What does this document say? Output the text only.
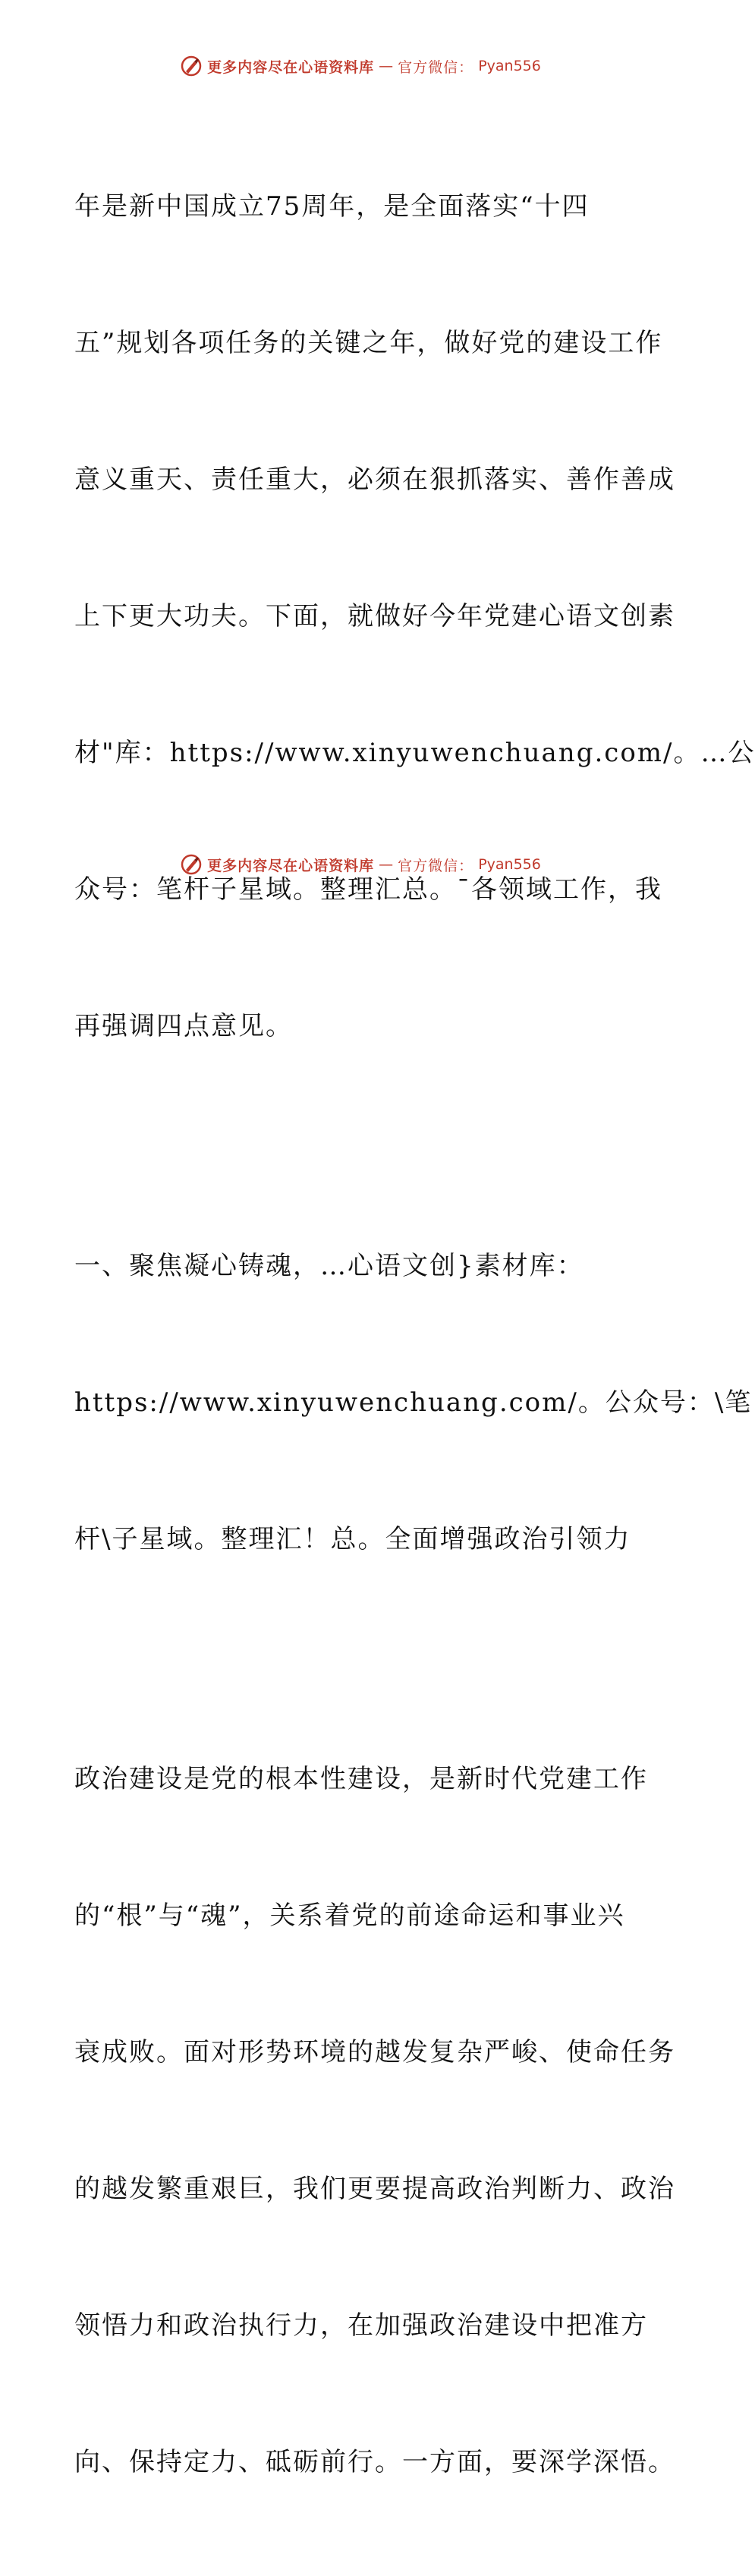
更多内容尽在心语资料库 — 官方微信： Pyan556

年是新中国成立75周年，是全面落实“十四

五”规划各项任务的关键之年，做好党的建设工作

意义重天、责任重大，必须在狠抓落实、善作善成

上下更大功夫。下面，就做好今年党建心语文创素

材"库：https://www.xinyuwenchuang.com/。…公

众号：笔杆子星域。整理汇总。¯各领域工作，我

再强调四点意见。

一、聚焦凝心铸魂，…心语文创}素材库：

https://www.xinyuwenchuang.com/。公众号：\笔

杆\子星域。整理汇！总。全面增强政治引领力

政治建设是党的根本性建设，是新时代党建工作

的“根”与“魂”，关系着党的前途命运和事业兴

衰成败。面对形势环境的越发复杂严峻、使命任务

的越发繁重艰巨，我们更要提高政治判断力、政治

领悟力和政治执行力，在加强政治建设中把准方

向、保持定力、砥砺前行。一方面，要深学深悟。

更多内容尽在心语资料库 — 官方微信： Pyan556
